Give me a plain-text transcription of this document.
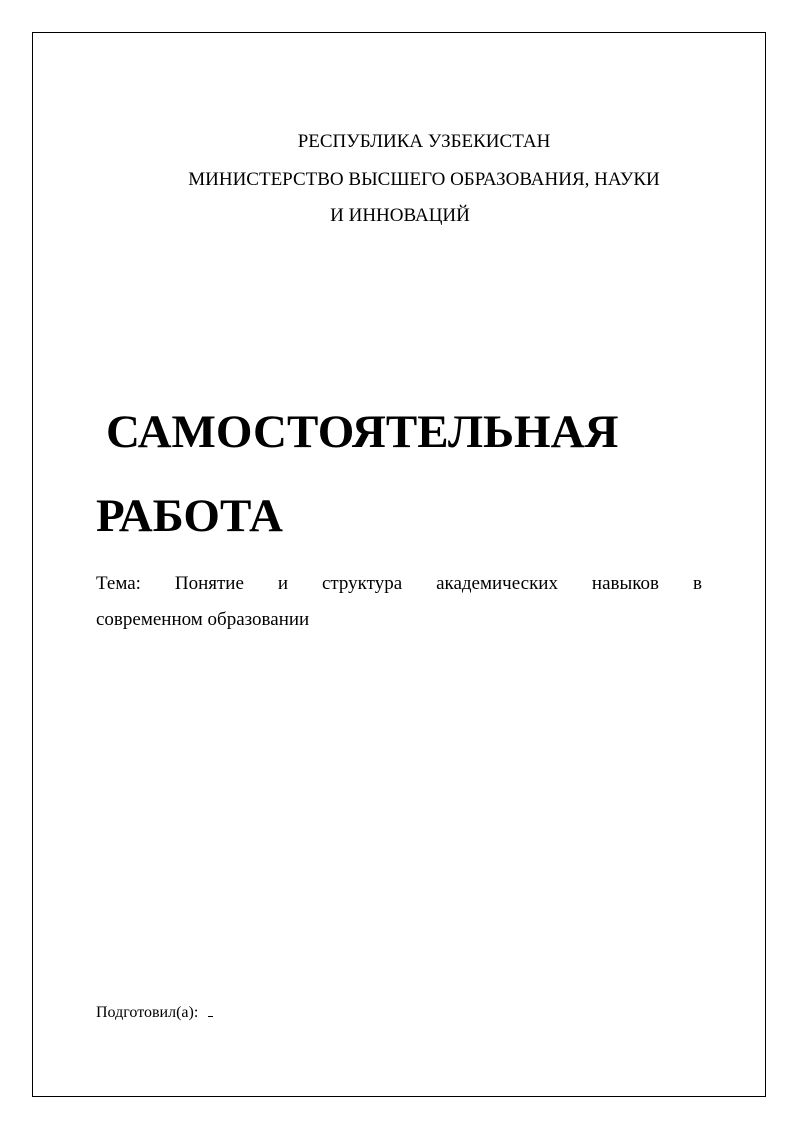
РЕСПУБЛИКА УЗБЕКИСТАН
МИНИСТЕРСТВО ВЫСШЕГО ОБРАЗОВАНИЯ, НАУКИ
И ИННОВАЦИЙ
САМОСТОЯТЕЛЬНАЯ
РАБОТА
Тема: Понятие и структура академических навыков в
современном образовании
Подготовил(а):
